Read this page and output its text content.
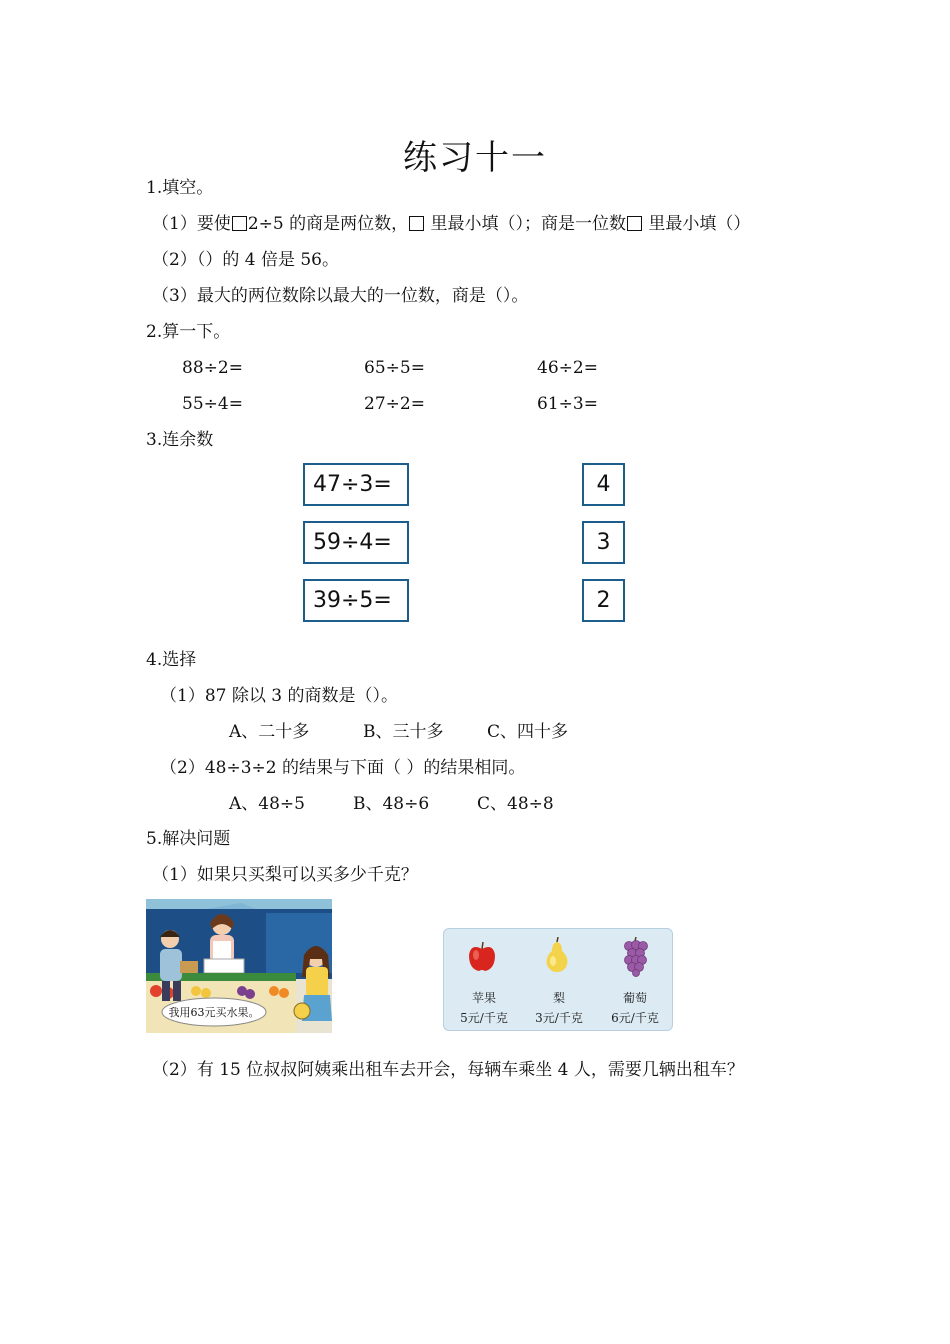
练习十一
1.填空。
（1）要使 2÷5 的商是两位数， 里最小填（）；商是一位数 里最小填（）
（2）（）的 4 倍是 56。
（3）最大的两位数除以最大的一位数，商是（）。
2.算一下。
88÷2=	65÷5=	46÷2=
55÷4=	27÷2=	61÷3=
3.连余数
47÷3=
59÷4=
39÷5=
4
3
2
4.选择
（1）87 除以 3 的商数是（）。
A、二十多	B、三十多	C、四十多
（2）48÷3÷2 的结果与下面（ ）的结果相同。
A、48÷5	B、48÷6	C、48÷8
5.解决问题
（1）如果只买梨可以买多少千克？
我用63元买水果。
苹果
5元/千克
梨
3元/千克
葡萄
6元/千克
（2）有 15 位叔叔阿姨乘出租车去开会，每辆车乘坐 4 人，需要几辆出租车？
